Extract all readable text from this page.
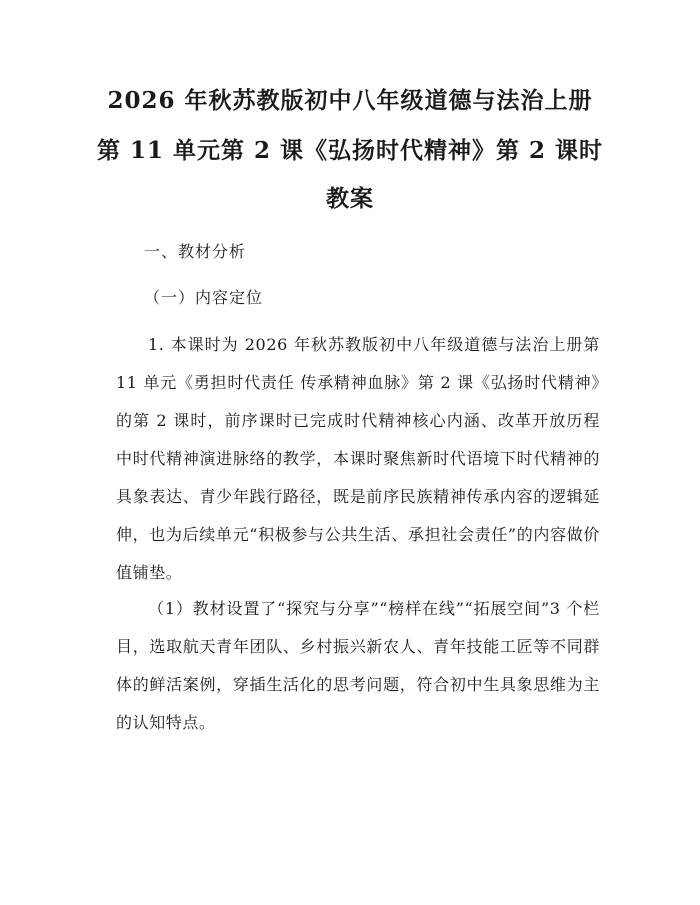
2026 年秋苏教版初中八年级道德与法治上册
第 11 单元第 2 课《弘扬时代精神》第 2 课时
教案
一、教材分析
（一）内容定位

1. 本课时为 2026 年秋苏教版初中八年级道德与法治上册第 11 单元《勇担时代责任 传承精神血脉》第 2 课《弘扬时代精神》的第 2 课时，前序课时已完成时代精神核心内涵、改革开放历程中时代精神演进脉络的教学，本课时聚焦新时代语境下时代精神的具象表达、青少年践行路径，既是前序民族精神传承内容的逻辑延伸，也为后续单元“积极参与公共生活、承担社会责任”的内容做价值铺垫。

（1）教材设置了“探究与分享”“榜样在线”“拓展空间”3 个栏目，选取航天青年团队、乡村振兴新农人、青年技能工匠等不同群体的鲜活案例，穿插生活化的思考问题，符合初中生具象思维为主的认知特点。
